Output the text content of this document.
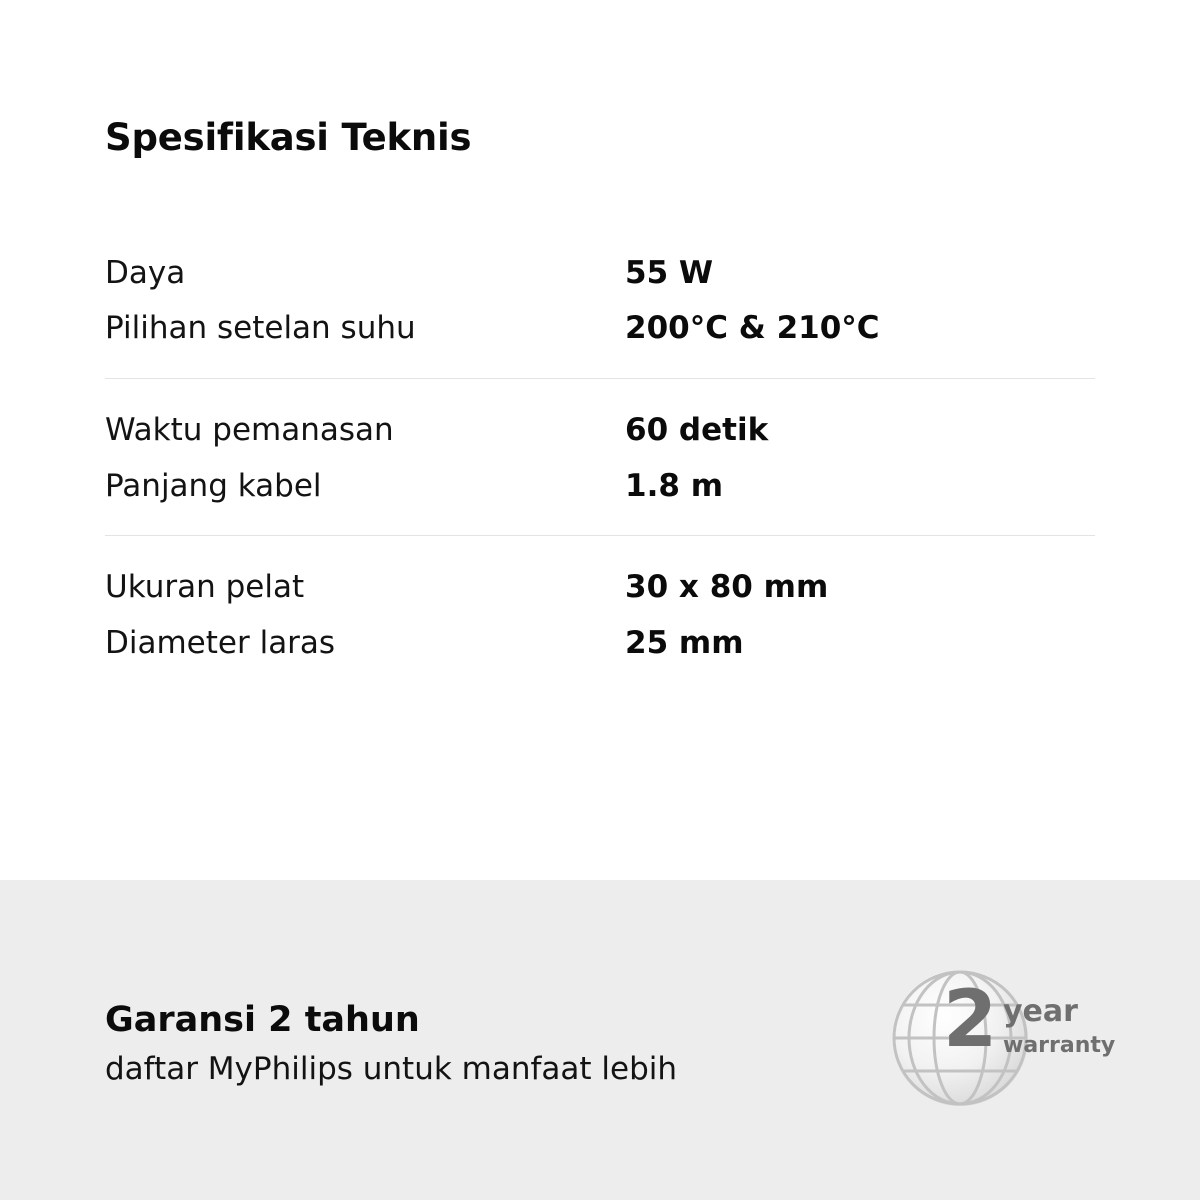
Spesifikasi Teknis
Daya	55 W
Pilihan setelan suhu	200°C & 210°C
Waktu pemanasan	60 detik
Panjang kabel	1.8 m
Ukuran pelat	30 x 80 mm
Diameter laras	25 mm
Garansi 2 tahun
daftar MyPhilips untuk manfaat lebih
2 year
warranty
